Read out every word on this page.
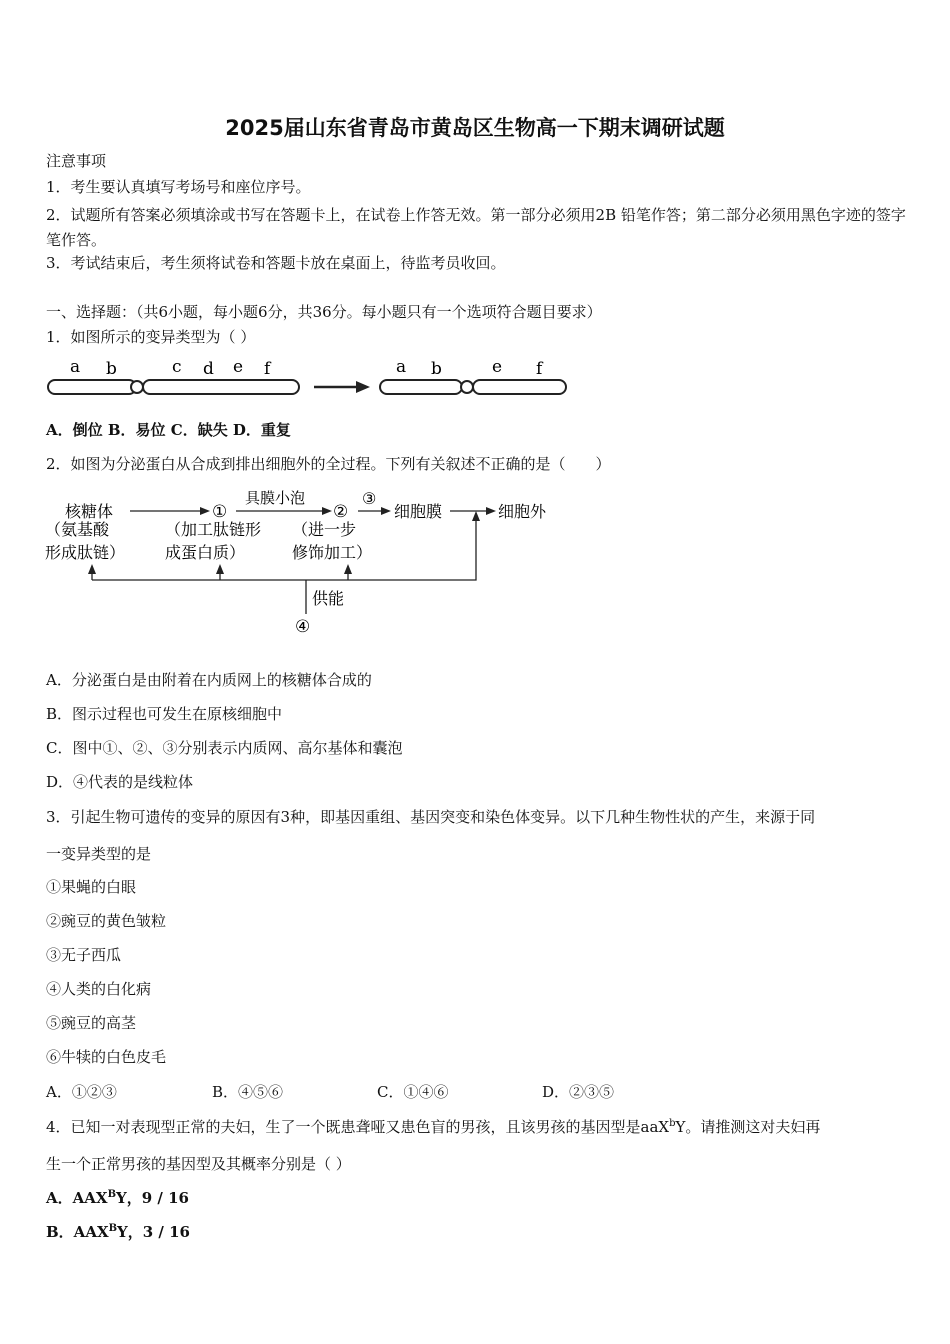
2025届山东省青岛市黄岛区生物高一下期末调研试题
注意事项
1．考生要认真填写考场号和座位序号。
2．试题所有答案必须填涂或书写在答题卡上，在试卷上作答无效。第一部分必须用2B 铅笔作答；第二部分必须用黑色字迹的签字笔作答。
3．考试结束后，考生须将试卷和答题卡放在桌面上，待监考员收回。
一、选择题：（共6小题，每小题6分，共36分。每小题只有一个选项符合题目要求）
1．如图所示的变异类型为（ ）
a b	c d e f	a b	e f
A．倒位 B．易位 C．缺失 D．重复
2．如图为分泌蛋白从合成到排出细胞外的全过程。下列有关叙述不正确的是（　　）
核糖体
（氨基酸
形成肽链）
①
（加工肽链形
成蛋白质）
具膜小泡
②
（进一步
修饰加工）
③
细胞膜	细胞外
供能
④
A．分泌蛋白是由附着在内质网上的核糖体合成的
B．图示过程也可发生在原核细胞中
C．图中①、②、③分别表示内质网、高尔基体和囊泡
D．④代表的是线粒体
3．引起生物可遗传的变异的原因有3种，即基因重组、基因突变和染色体变异。以下几种生物性状的产生，来源于同
一变异类型的是
①果蝇的白眼
②豌豆的黄色皱粒
③无子西瓜
④人类的白化病
⑤豌豆的高茎
⑥牛犊的白色皮毛
A．①②③	B．④⑤⑥	C．①④⑥	D．②③⑤
4．已知一对表现型正常的夫妇，生了一个既患聋哑又患色盲的男孩，且该男孩的基因型是aaX$^b$Y。请推测这对夫妇再
生一个正常男孩的基因型及其概率分别是（ ）
A．$AAX^BY$，9 / 16
B．$AAX^BY$，3 / 16
